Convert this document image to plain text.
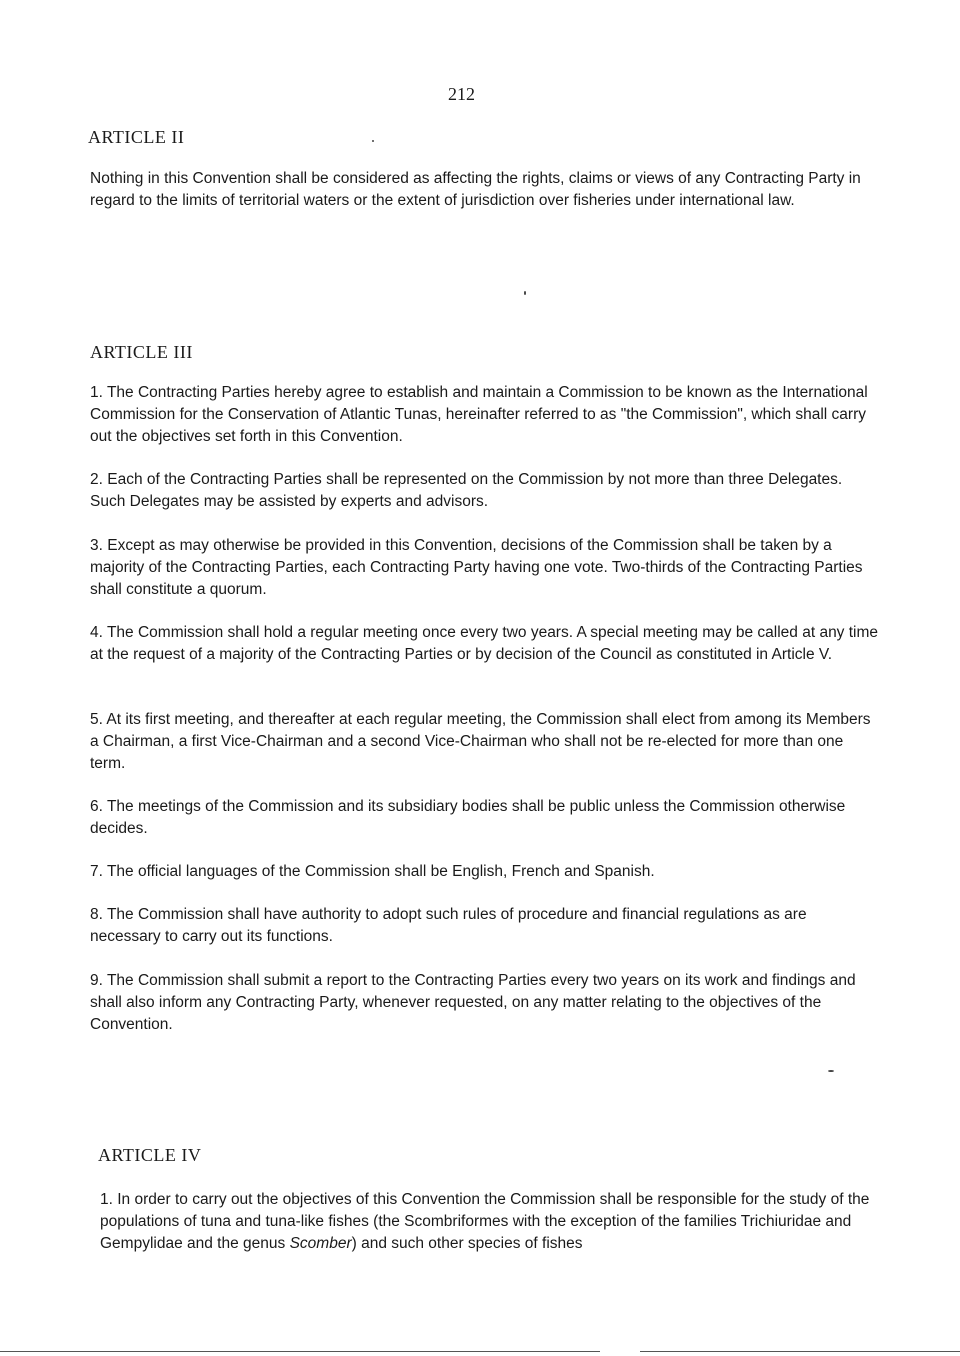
212
ARTICLE II

Nothing in this Convention shall be considered as affecting the rights, claims or views of any Contracting Party in regard to the limits of territorial waters or the extent of jurisdiction over fisheries under international law.

ARTICLE III

1. The Contracting Parties hereby agree to establish and maintain a Commission to be known as the International Commission for the Conservation of Atlantic Tunas, hereinafter referred to as "the Commission", which shall carry out the objectives set forth in this Convention.

2. Each of the Contracting Parties shall be represented on the Commission by not more than three Delegates. Such Delegates may be assisted by experts and advisors.

3. Except as may otherwise be provided in this Convention, decisions of the Commission shall be taken by a majority of the Contracting Parties, each Contracting Party having one vote. Two-thirds of the Contracting Parties shall constitute a quorum.

4. The Commission shall hold a regular meeting once every two years. A special meeting may be called at any time at the request of a majority of the Contracting Parties or by decision of the Council as constituted in Article V.

5. At its first meeting, and thereafter at each regular meeting, the Commission shall elect from among its Members a Chairman, a first Vice-Chairman and a second Vice-Chairman who shall not be re-elected for more than one term.

6. The meetings of the Commission and its subsidiary bodies shall be public unless the Commission otherwise decides.

7. The official languages of the Commission shall be English, French and Spanish.

8. The Commission shall have authority to adopt such rules of procedure and financial regulations as are necessary to carry out its functions.

9. The Commission shall submit a report to the Contracting Parties every two years on its work and findings and shall also inform any Contracting Party, whenever requested, on any matter relating to the objectives of the Convention.

ARTICLE IV

1. In order to carry out the objectives of this Convention the Commission shall be responsible for the study of the populations of tuna and tuna-like fishes (the Scombriformes with the exception of the families Trichiuridae and Gempylidae and the genus Scomber) and such other species of fishes
